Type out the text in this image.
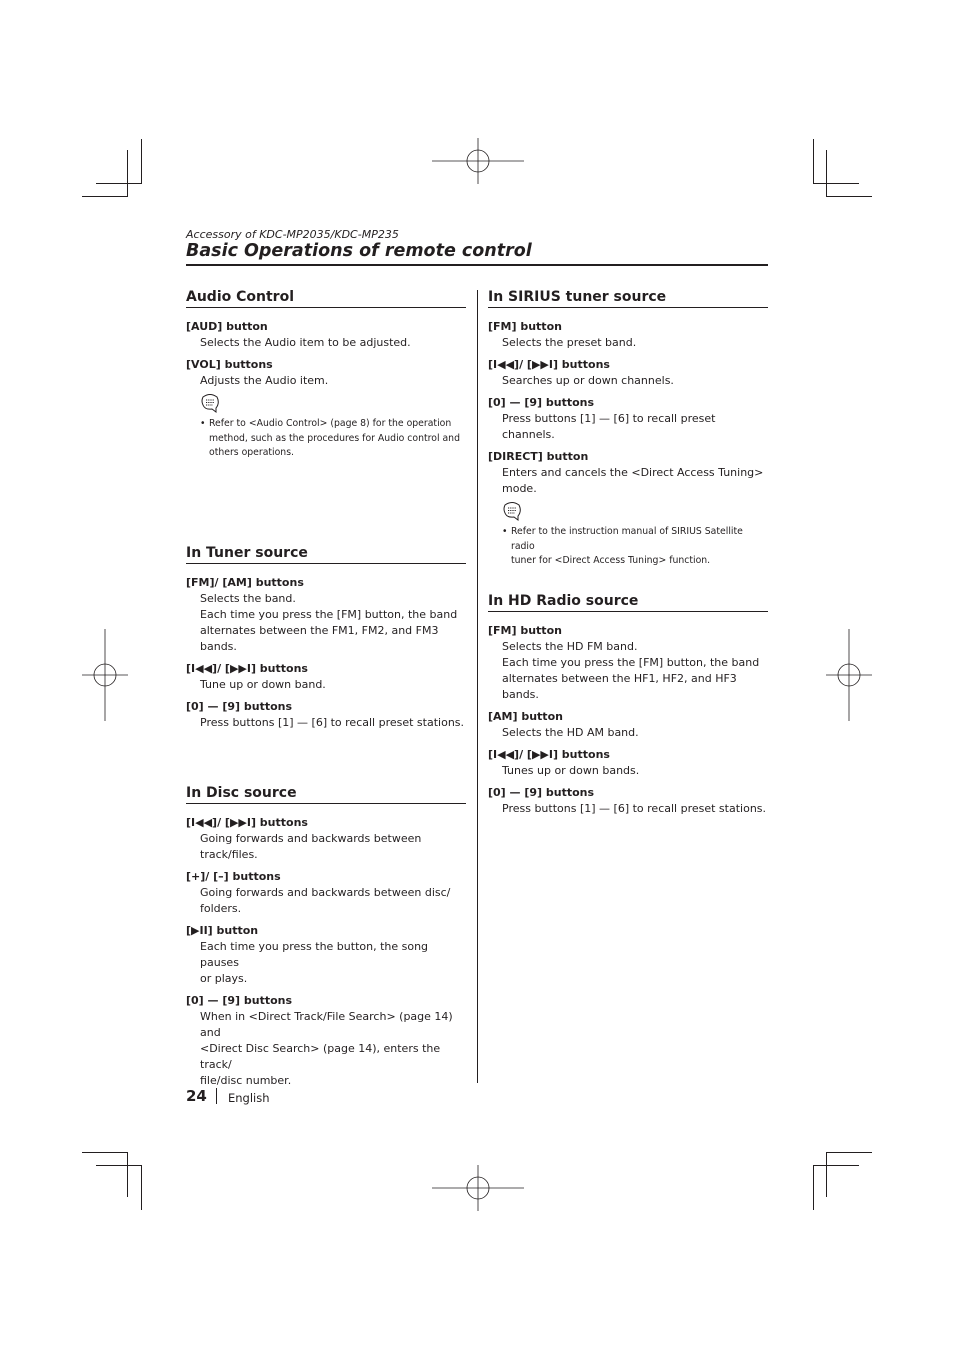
Accessory of KDC-MP2035/KDC-MP235
Basic Operations of remote control
Audio Control
[AUD] button
Selects the Audio item to be adjusted.
[VOL] buttons
Adjusts the Audio item.
• Refer to <Audio Control> (page 8) for the operation
method, such as the procedures for Audio control and
others operations.
In Tuner source
[FM]/ [AM] buttons
Selects the band.
Each time you press the [FM] button, the band
alternates between the FM1, FM2, and FM3 bands.
[I◀◀]/ [▶▶I] buttons
Tune up or down band.
[0] — [9] buttons
Press buttons [1] — [6] to recall preset stations.
In Disc source
[I◀◀]/ [▶▶I] buttons
Going forwards and backwards between track/files.
[+]/ [–] buttons
Going forwards and backwards between disc/
folders.
[▶II] button
Each time you press the button, the song pauses
or plays.
[0] — [9] buttons
When in <Direct Track/File Search> (page 14) and
<Direct Disc Search> (page 14), enters the track/
file/disc number.
In SIRIUS tuner source
[FM] button
Selects the preset band.
[I◀◀]/ [▶▶I] buttons
Searches up or down channels.
[0] — [9] buttons
Press buttons [1] — [6] to recall preset channels.
[DIRECT] button
Enters and cancels the <Direct Access Tuning>
mode.
• Refer to the instruction manual of SIRIUS Satellite radio
tuner for <Direct Access Tuning> function.
In HD Radio source
[FM] button
Selects the HD FM band.
Each time you press the [FM] button, the band
alternates between the HF1, HF2, and HF3 bands.
[AM] button
Selects the HD AM band.
[I◀◀]/ [▶▶I] buttons
Tunes up or down bands.
[0] — [9] buttons
Press buttons [1] — [6] to recall preset stations.
24 English
